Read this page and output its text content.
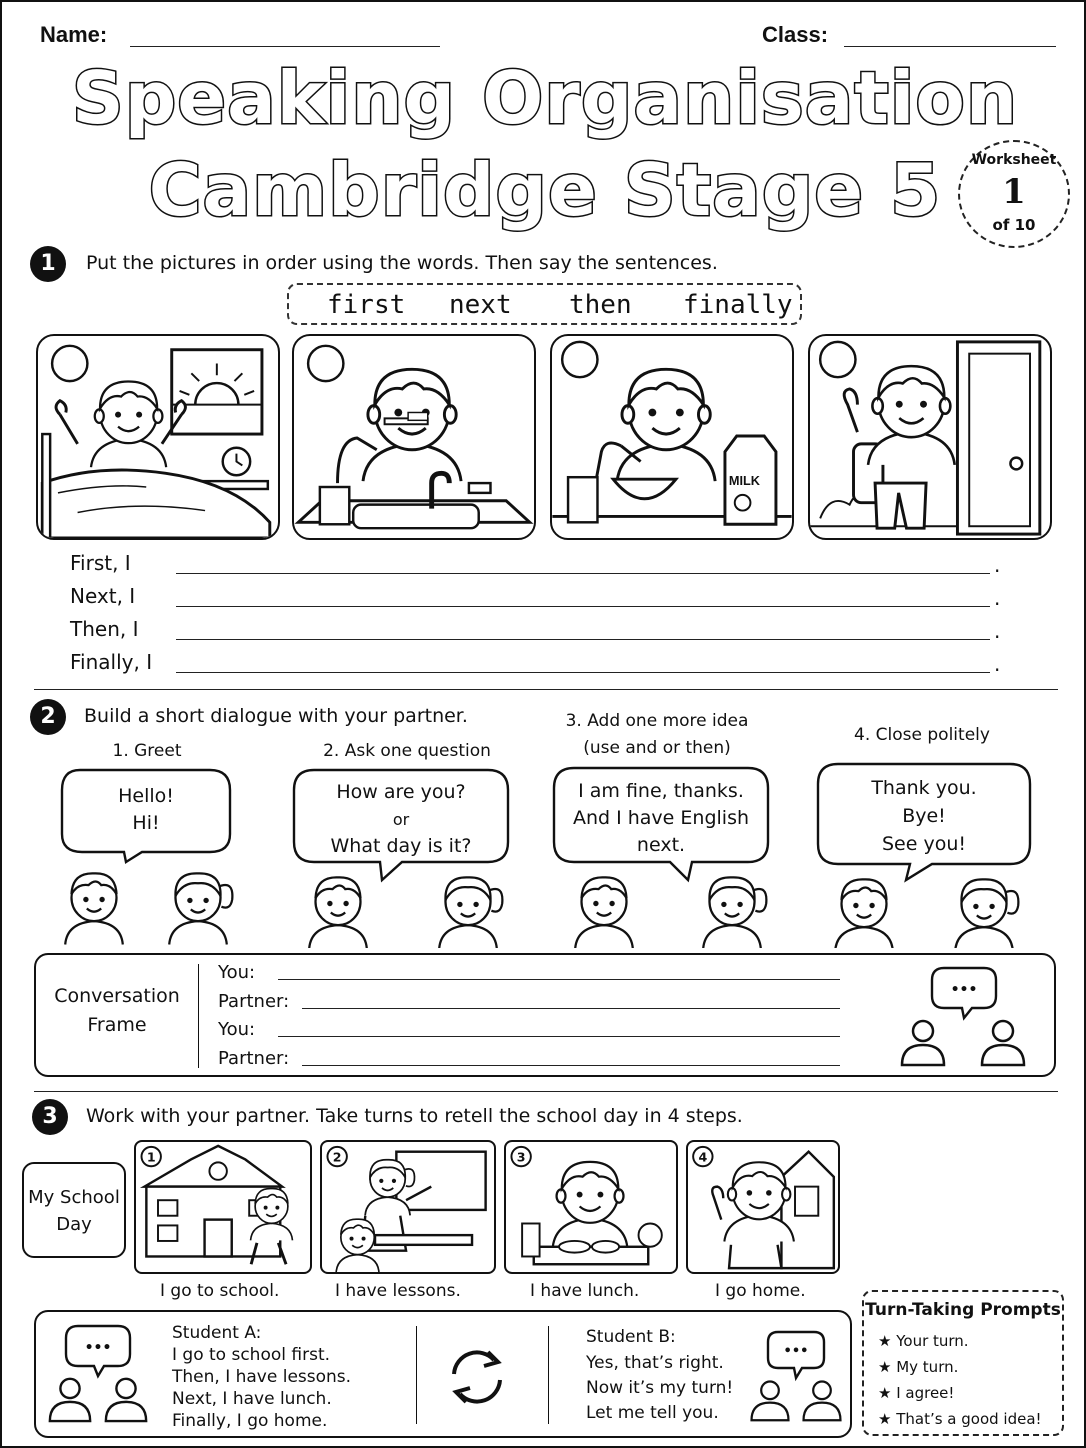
Name:	Class:
Speaking Organisation
Cambridge Stage 5	Worksheet
1
of 10
1	Put the pictures in order using the words. Then say the sentences.
first next then finally
MILK
First, I	.
Next, I	.
Then, I	.
Finally, I	.
2	Build a short dialogue with your partner.
1. Greet	2. Ask one question
3. Add one more idea
(use and or then)
4. Close politely
Hello!
Hi!
How are you?
or
What day is it?
I am fine, thanks.
And I have English
next.
Thank you.
Bye!
See you!
Conversation
Frame
You:
Partner:
You:
Partner:
•••
3	Work with your partner. Take turns to retell the school day in 4 steps.
My School
Day
1	2	3	4
I go to school.	I have lessons.	I have lunch.	I go home.
•••
Student A:
I go to school first.
Then, I have lessons.
Next, I have lunch.
Finally, I go home.
Student B:
Yes, that’s right.
Now it’s my turn!
Let me tell you.
•••
Turn-Taking Prompts
★ Your turn.
★ My turn.
★ I agree!
★ That’s a good idea!
